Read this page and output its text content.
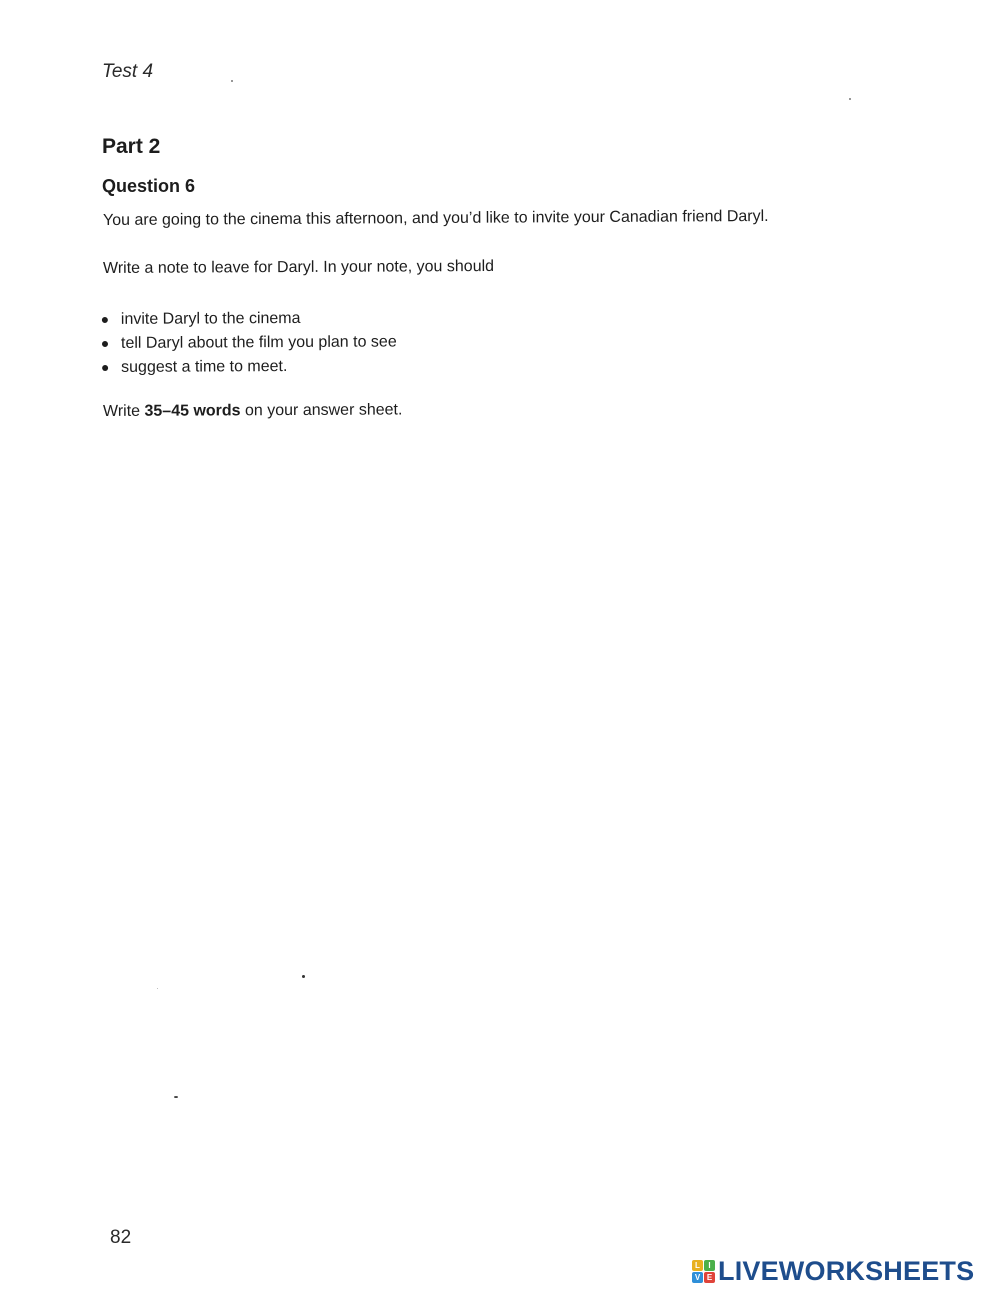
Test 4
Part 2
Question 6
You are going to the cinema this afternoon, and you’d like to invite your Canadian friend Daryl.
Write a note to leave for Daryl. In your note, you should
invite Daryl to the cinema
tell Daryl about the film you plan to see
suggest a time to meet.
Write 35–45 words on your answer sheet.
82
L	I
V E LIVEWORKSHEETS
